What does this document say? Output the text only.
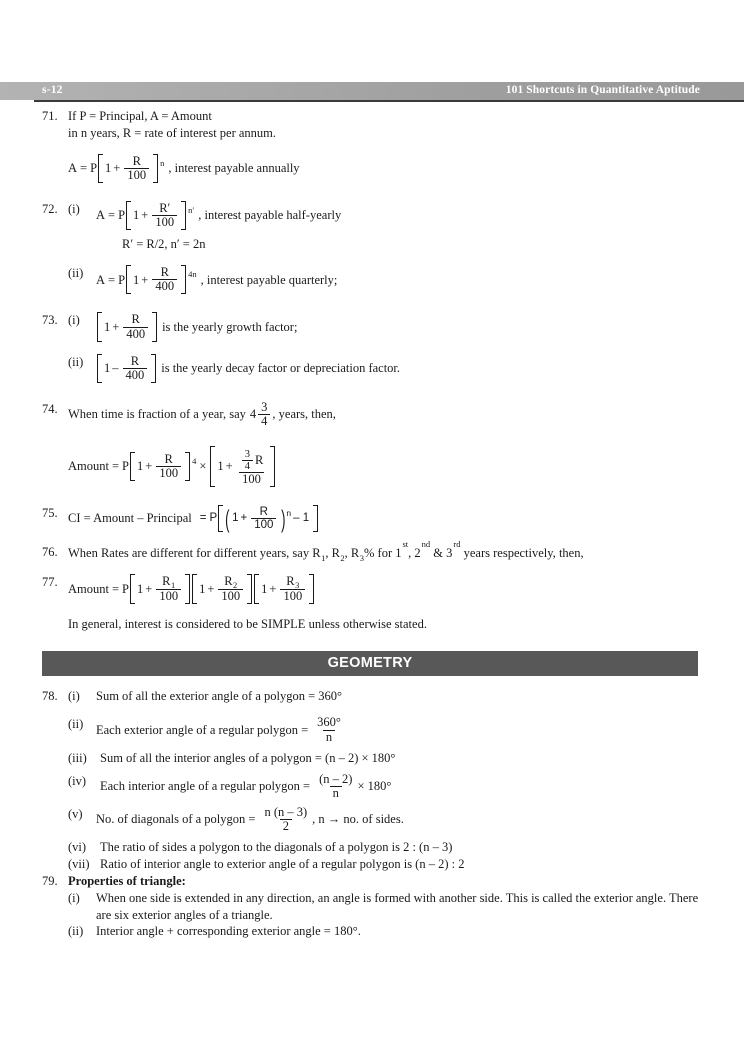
s-12	101 Shortcuts in Quantitative Aptitude
71. If P = Principal, A = Amount
in n years, R = rate of interest per annum.
A = P $1 + \frac{R}{100}$ n , interest payable annually
72. (i)	A = P $1 + \frac{R'}{100} n'$ , interest payable half-yearly
R′ = R/2, n′ = 2n
(ii)	A = P $1 + \frac{R}{400} 4n$ , interest payable quarterly;
73. (i)	$1 + \frac{R}{400}$ is the yearly growth factor;
(ii)	$1 - \frac{R}{400}$ is the yearly decay factor or depreciation factor.
74. When time is fraction of a year, say $4 \frac{3}{4}$ , years, then,
Amount = P $1 + \frac{R}{100} 4 \times 1 + \frac{\frac{3}{4} R}{100}$
75. CI = Amount – Principal = P ( $1 + \frac{R}{100}$ ) n – 1
76. When Rates are different for different years, say $R_1$, $R_2$, $R_3\%$ for 1st, 2nd & 3rd years respectively, then,
77. Amount = P $1 + \frac{R_1}{100} 1 + \frac{R_2}{100} 1 + \frac{R_3}{100}$
In general, interest is considered to be SIMPLE unless otherwise stated.
GEOMETRY
78. (i)	Sum of all the exterior angle of a polygon = 360°
(ii)	Each exterior angle of a regular polygon = $\frac{360^\circ}{n}$
(iii)	Sum of all the interior angles of a polygon = (n – 2) × 180°
(iv)	Each interior angle of a regular polygon = $\frac{(n - 2)}{n} \times 180^\circ$
(v)	No. of diagonals of a polygon = $\frac{n (n - 3)}{2}$ , n → no. of sides.
(vi)	The ratio of sides a polygon to the diagonals of a polygon is 2 : (n – 3)
(vii) Ratio of interior angle to exterior angle of a regular polygon is (n – 2) : 2
79. Properties of triangle:
(i)	When one side is extended in any direction, an angle is formed with another side. This is called the exterior angle. There are six exterior angles of a triangle.
(ii)	Interior angle + corresponding exterior angle = 180°.
